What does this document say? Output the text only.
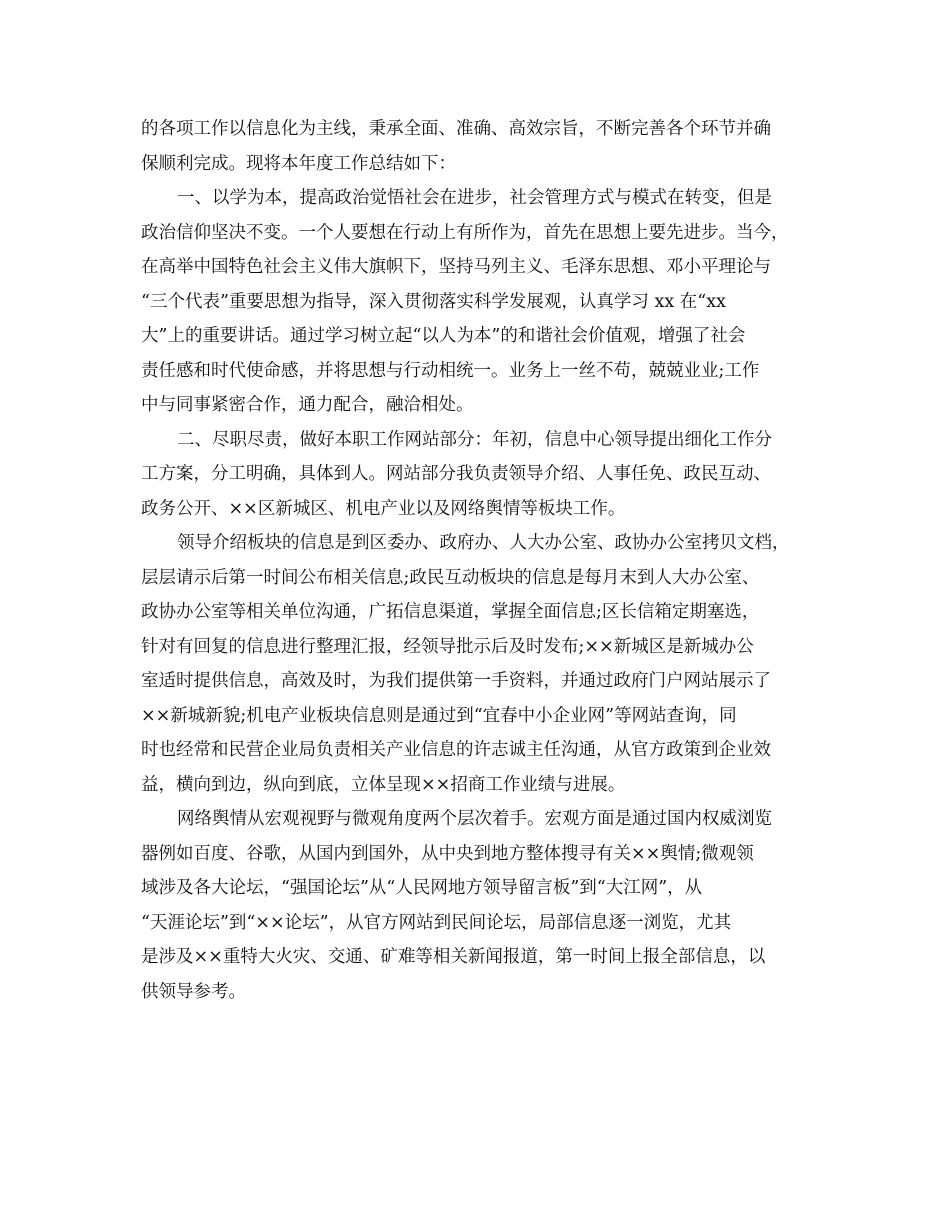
的各项工作以信息化为主线，秉承全面、准确、高效宗旨，不断完善各个环节并确
保顺利完成。现将本年度工作总结如下：
一、以学为本，提高政治觉悟社会在进步，社会管理方式与模式在转变，但是
政治信仰坚决不变。一个人要想在行动上有所作为，首先在思想上要先进步。当今，
在高举中国特色社会主义伟大旗帜下，坚持马列主义、毛泽东思想、邓小平理论与
“三个代表”重要思想为指导，深入贯彻落实科学发展观，认真学习 xx 在“xx
大”上的重要讲话。通过学习树立起“以人为本”的和谐社会价值观，增强了社会
责任感和时代使命感，并将思想与行动相统一。业务上一丝不苟，兢兢业业;工作
中与同事紧密合作，通力配合，融洽相处。
二、尽职尽责，做好本职工作网站部分：年初，信息中心领导提出细化工作分
工方案，分工明确，具体到人。网站部分我负责领导介绍、人事任免、政民互动、
政务公开、××区新城区、机电产业以及网络舆情等板块工作。
领导介绍板块的信息是到区委办、政府办、人大办公室、政协办公室拷贝文档，
层层请示后第一时间公布相关信息;政民互动板块的信息是每月末到人大办公室、
政协办公室等相关单位沟通，广拓信息渠道，掌握全面信息;区长信箱定期塞选，
针对有回复的信息进行整理汇报，经领导批示后及时发布;××新城区是新城办公
室适时提供信息，高效及时，为我们提供第一手资料，并通过政府门户网站展示了
××新城新貌;机电产业板块信息则是通过到“宜春中小企业网”等网站查询，同
时也经常和民营企业局负责相关产业信息的许志诚主任沟通，从官方政策到企业效
益，横向到边，纵向到底，立体呈现××招商工作业绩与进展。
网络舆情从宏观视野与微观角度两个层次着手。宏观方面是通过国内权威浏览
器例如百度、谷歌，从国内到国外，从中央到地方整体搜寻有关××舆情;微观领
域涉及各大论坛，“强国论坛”从“人民网地方领导留言板”到“大江网”，从
“天涯论坛”到“××论坛”，从官方网站到民间论坛，局部信息逐一浏览，尤其
是涉及××重特大火灾、交通、矿难等相关新闻报道，第一时间上报全部信息，以
供领导参考。
